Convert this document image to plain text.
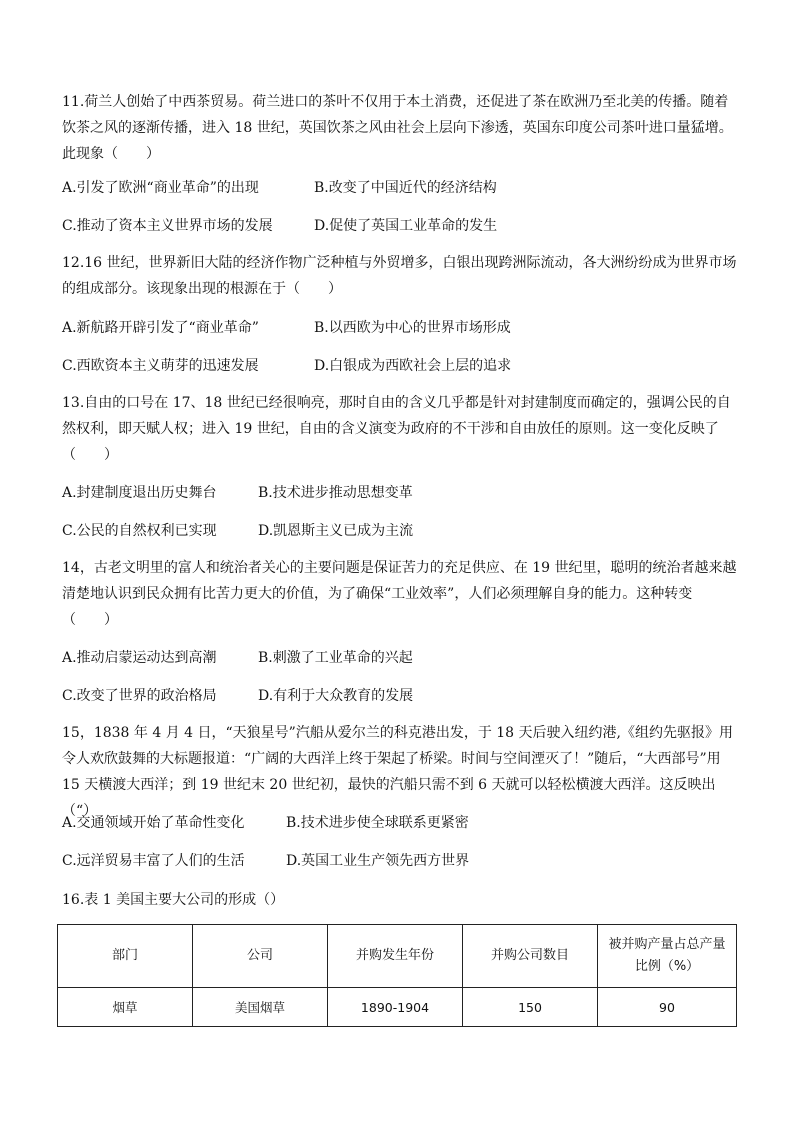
11.荷兰人创始了中西茶贸易。荷兰进口的茶叶不仅用于本土消费，还促进了茶在欧洲乃至北美的传播。随着饮茶之风的逐渐传播，进入 18 世纪，英国饮茶之风由社会上层向下渗透，英国东印度公司茶叶进口量猛增。此现象（　　）
A.引发了欧洲“商业革命”的出现	B.改变了中国近代的经济结构
C.推动了资本主义世界市场的发展	D.促使了英国工业革命的发生
12.16 世纪，世界新旧大陆的经济作物广泛种植与外贸增多，白银出现跨洲际流动，各大洲纷纷成为世界市场的组成部分。该现象出现的根源在于（　　）
A.新航路开辟引发了“商业革命”	B.以西欧为中心的世界市场形成
C.西欧资本主义萌芽的迅速发展	D.白银成为西欧社会上层的追求
13.自由的口号在 17、18 世纪已经很响亮，那时自由的含义几乎都是针对封建制度而确定的，强调公民的自然权利，即天赋人权；进入 19 世纪，自由的含义演变为政府的不干涉和自由放任的原则。这一变化反映了（　　）
A.封建制度退出历史舞台	B.技术进步推动思想变革
C.公民的自然权利已实现	D.凯恩斯主义已成为主流
14，古老文明里的富人和统治者关心的主要问题是保证苦力的充足供应、在 19 世纪里，聪明的统治者越来越清楚地认识到民众拥有比苦力更大的价值，为了确保“工业效率”，人们必须理解自身的能力。这种转变（　　）
A.推动启蒙运动达到高潮	B.刺激了工业革命的兴起
C.改变了世界的政治格局	D.有利于大众教育的发展
15，1838 年 4 月 4 日，“天狼星号”汽船从爱尔兰的科克港出发，于 18 天后驶入纽约港,《组约先驱报》用令人欢欣鼓舞的大标题报道：“广阔的大西洋上终于架起了桥梁。时间与空间湮灭了！”随后，“大西部号”用 15 天横渡大西洋；到 19 世纪末 20 世纪初，最快的汽船只需不到 6 天就可以轻松横渡大西洋。这反映出（“）
A.交通领域开始了革命性变化	B.技术进步使全球联系更紧密
C.远洋贸易丰富了人们的生活	D.英国工业生产领先西方世界
16.表 1 美国主要大公司的形成（）
部门	公司	并购发生年份	并购公司数目	被并购产量占总产量比例（%）
烟草	美国烟草	1890-1904	150	90
